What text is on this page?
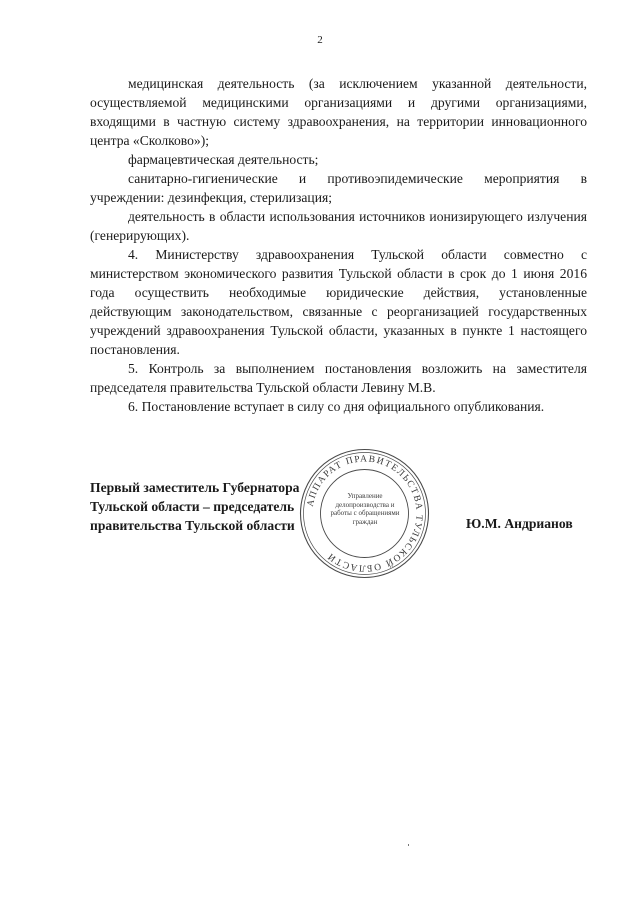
2

медицинская деятельность (за исключением указанной деятельности, осуществляемой медицинскими организациями и другими организациями, входящими в частную систему здравоохранения, на территории инновационного центра «Сколково»);

фармацевтическая деятельность;

санитарно-гигиенические и противоэпидемические мероприятия в учреждении: дезинфекция, стерилизация;

деятельность в области использования источников ионизирующего излучения (генерирующих).

4. Министерству здравоохранения Тульской области совместно с министерством экономического развития Тульской области в срок до 1 июня 2016 года осуществить необходимые юридические действия, установленные действующим законодательством, связанные с реорганизацией государственных учреждений здравоохранения Тульской области, указанных в пункте 1 настоящего постановления.

5. Контроль за выполнением постановления возложить на заместителя председателя правительства Тульской области Левину М.В.

6. Постановление вступает в силу со дня официального опубликования.

Первый заместитель Губернатора
Тульской области – председатель
правительства Тульской области	Ю.М. Андрианов
АППАРАТ ПРАВИТЕЛЬСТВА ТУЛЬСКОЙ ОБЛАСТИ
Управление делопроизводства и работы с обращениями граждан
